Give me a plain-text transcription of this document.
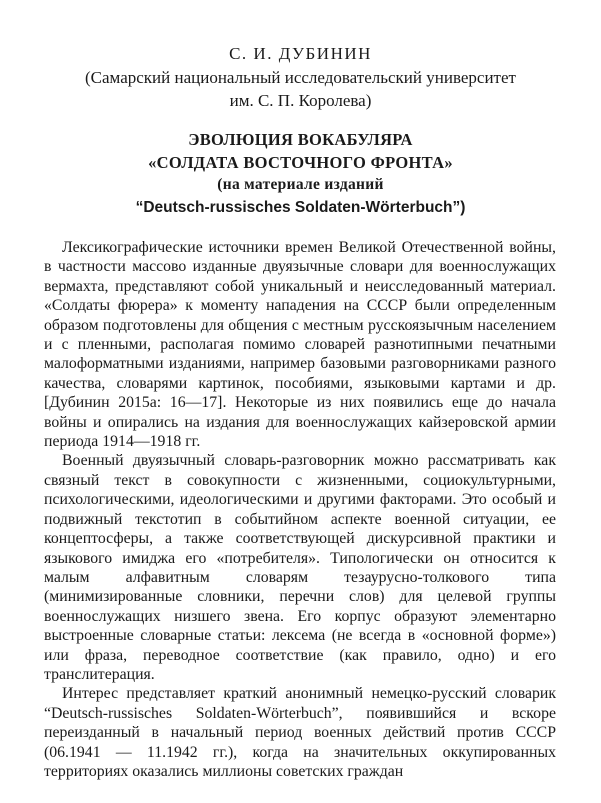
С. И. ДУБИНИН
(Самарский национальный исследовательский университет
им. С. П. Королева)
ЭВОЛЮЦИЯ ВОКАБУЛЯРА
«СОЛДАТА ВОСТОЧНОГО ФРОНТА»
(на материале изданий
“Deutsch-russisches Soldaten-Wörterbuch”)

Лексикографические источники времен Великой Отечественной войны, в частности массово изданные двуязычные словари для военнослужащих вермахта, представляют собой уникальный и неисследованный материал. «Солдаты фюрера» к моменту нападения на СССР были определенным образом подготовлены для общения с местным русскоязычным населением и с пленными, располагая помимо словарей разнотипными печатными малоформатными изданиями, например базовыми разговорниками разного качества, словарями картинок, пособиями, языковыми картами и др. [Дубинин 2015a: 16—17]. Некоторые из них появились еще до начала войны и опирались на издания для военнослужащих кайзеровской армии периода 1914—1918 гг.

Военный двуязычный словарь-разговорник можно рассматривать как связный текст в совокупности с жизненными, социокультурными, психологическими, идеологическими и другими факторами. Это особый и подвижный текстотип в событийном аспекте военной ситуации, ее концептосферы, а также соответствующей дискурсивной практики и языкового имиджа его «потребителя». Типологически он относится к малым алфавитным словарям тезаурусно-толкового типа (минимизированные словники, перечни слов) для целевой группы военнослужащих низшего звена. Его корпус образуют элементарно выстроенные словарные статьи: лексема (не всегда в «основной форме») или фраза, переводное соответствие (как правило, одно) и его транслитерация.

Интерес представляет краткий анонимный немецко-русский словарик “Deutsch-russisches Soldaten-Wörterbuch”, появившийся и вскоре переизданный в начальный период военных действий против СССР (06.1941 — 11.1942 гг.), когда на значительных оккупированных территориях оказались миллионы советских граждан
